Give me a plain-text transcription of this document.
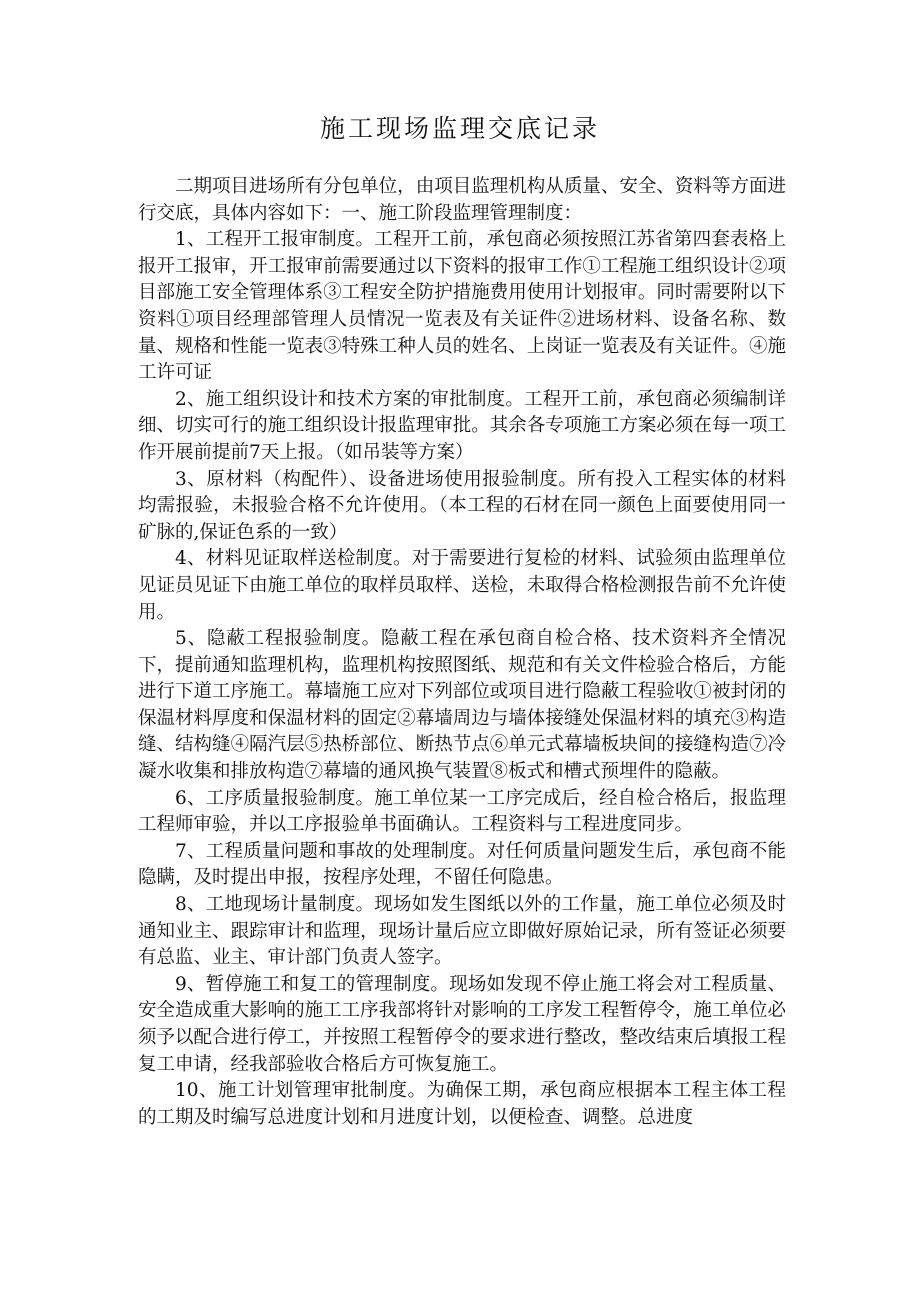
施工现场监理交底记录

二期项目进场所有分包单位，由项目监理机构从质量、安全、资料等方面进行交底，具体内容如下：一、施工阶段监理管理制度：

1、工程开工报审制度。工程开工前，承包商必须按照江苏省第四套表格上报开工报审，开工报审前需要通过以下资料的报审工作①工程施工组织设计②项目部施工安全管理体系③工程安全防护措施费用使用计划报审。同时需要附以下资料①项目经理部管理人员情况一览表及有关证件②进场材料、设备名称、数量、规格和性能一览表③特殊工种人员的姓名、上岗证一览表及有关证件。④施工许可证

2、施工组织设计和技术方案的审批制度。工程开工前，承包商必须编制详细、切实可行的施工组织设计报监理审批。其余各专项施工方案必须在每一项工作开展前提前7天上报。（如吊装等方案）

3、原材料（构配件）、设备进场使用报验制度。所有投入工程实体的材料均需报验，未报验合格不允许使用。（本工程的石材在同一颜色上面要使用同一矿脉的,保证色系的一致）

4、材料见证取样送检制度。对于需要进行复检的材料、试验须由监理单位见证员见证下由施工单位的取样员取样、送检，未取得合格检测报告前不允许使用。

5、隐蔽工程报验制度。隐蔽工程在承包商自检合格、技术资料齐全情况下，提前通知监理机构，监理机构按照图纸、规范和有关文件检验合格后，方能进行下道工序施工。幕墙施工应对下列部位或项目进行隐蔽工程验收①被封闭的保温材料厚度和保温材料的固定②幕墙周边与墙体接缝处保温材料的填充③构造缝、结构缝④隔汽层⑤热桥部位、断热节点⑥单元式幕墙板块间的接缝构造⑦冷凝水收集和排放构造⑦幕墙的通风换气装置⑧板式和槽式预埋件的隐蔽。

6、工序质量报验制度。施工单位某一工序完成后，经自检合格后，报监理工程师审验，并以工序报验单书面确认。工程资料与工程进度同步。

7、工程质量问题和事故的处理制度。对任何质量问题发生后，承包商不能隐瞒，及时提出申报，按程序处理，不留任何隐患。

8、工地现场计量制度。现场如发生图纸以外的工作量，施工单位必须及时通知业主、跟踪审计和监理，现场计量后应立即做好原始记录，所有签证必须要有总监、业主、审计部门负责人签字。

9、暂停施工和复工的管理制度。现场如发现不停止施工将会对工程质量、安全造成重大影响的施工工序我部将针对影响的工序发工程暂停令，施工单位必须予以配合进行停工，并按照工程暂停令的要求进行整改，整改结束后填报工程复工申请，经我部验收合格后方可恢复施工。

10、施工计划管理审批制度。为确保工期，承包商应根据本工程主体工程的工期及时编写总进度计划和月进度计划，以便检查、调整。总进度
